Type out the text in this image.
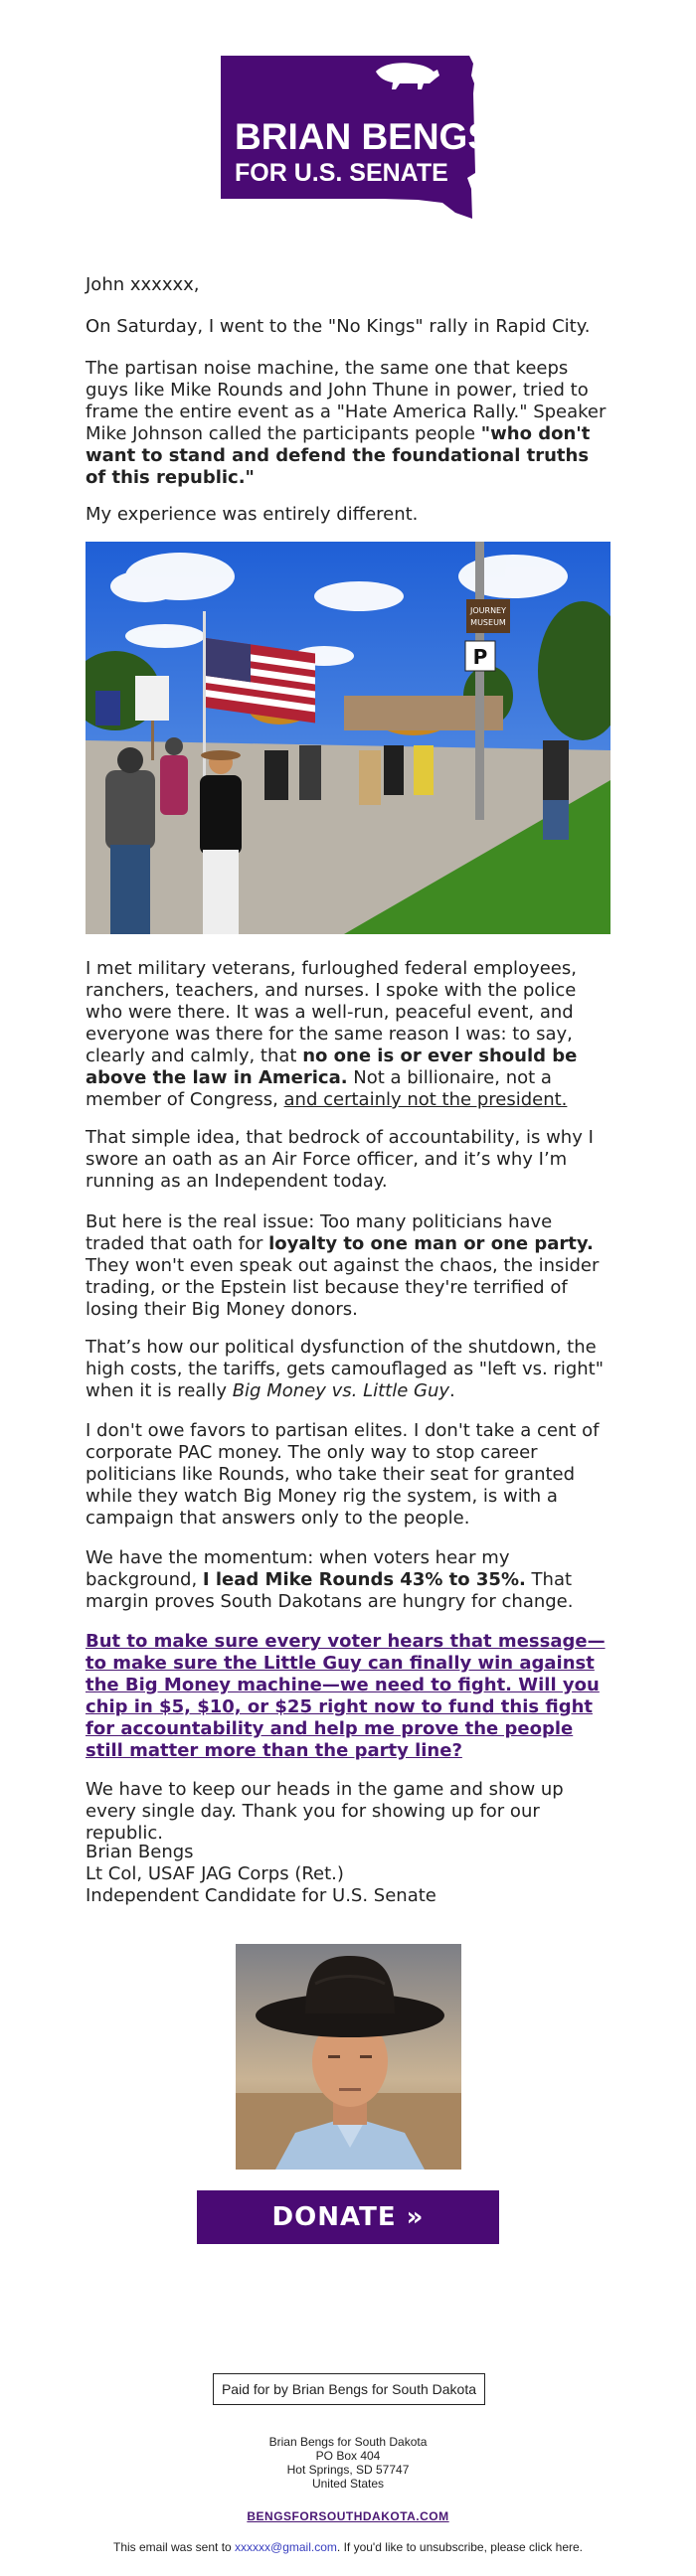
BRIAN BENGS
FOR U.S. SENATE

John xxxxxx,

On Saturday, I went to the "No Kings" rally in Rapid City.

The partisan noise machine, the same one that keeps guys like Mike Rounds and John Thune in power, tried to frame the entire event as a "Hate America Rally." Speaker Mike Johnson called the participants people "who don't want to stand and defend the foundational truths of this republic."

My experience was entirely different.

I met military veterans, furloughed federal employees, ranchers, teachers, and nurses. I spoke with the police who were there. It was a well-run, peaceful event, and everyone was there for the same reason I was: to say, clearly and calmly, that no one is or ever should be above the law in America. Not a billionaire, not a member of Congress, and certainly not the president.

That simple idea, that bedrock of accountability, is why I swore an oath as an Air Force officer, and it’s why I’m running as an Independent today.

But here is the real issue: Too many politicians have traded that oath for loyalty to one man or one party. They won't even speak out against the chaos, the insider trading, or the Epstein list because they're terrified of losing their Big Money donors.

That’s how our political dysfunction of the shutdown, the high costs, the tariffs, gets camouflaged as "left vs. right" when it is really Big Money vs. Little Guy.

I don't owe favors to partisan elites. I don't take a cent of corporate PAC money. The only way to stop career politicians like Rounds, who take their seat for granted while they watch Big Money rig the system, is with a campaign that answers only to the people.

We have the momentum: when voters hear my background, I lead Mike Rounds 43% to 35%. That margin proves South Dakotans are hungry for change.

But to make sure every voter hears that message—to make sure the Little Guy can finally win against the Big Money machine—we need to fight. Will you chip in $5, $10, or $25 right now to fund this fight for accountability and help me prove the people still matter more than the party line?

We have to keep our heads in the game and show up every single day. Thank you for showing up for our republic.

Brian Bengs

Lt Col, USAF JAG Corps (Ret.)

Independent Candidate for U.S. Senate

JOURNEY
MUSEUM
P
DONATE »
Paid for by Brian Bengs for South Dakota
Brian Bengs for South Dakota
PO Box 404
Hot Springs, SD 57747
United States
BENGSFORSOUTHDAKOTA.COM
This email was sent to xxxxxx@gmail.com. If you'd like to unsubscribe, please click here.
